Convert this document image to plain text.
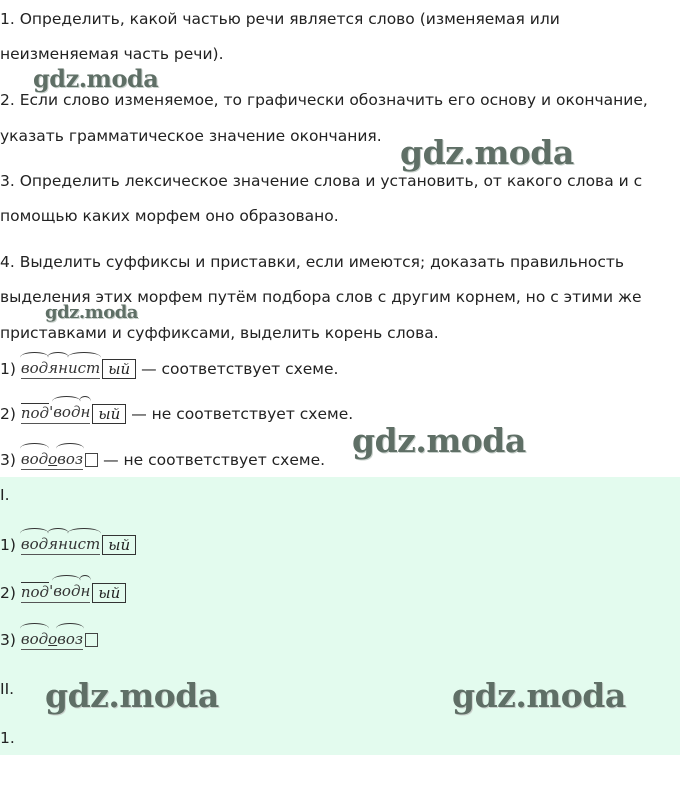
1. Определить, какой частью речи является слово (изменяемая или
неизменяемая часть речи).
2. Если слово изменяемое, то графически обозначить его основу и окончание,
указать грамматическое значение окончания.
3. Определить лексическое значение слова и установить, от какого слова и с
помощью каких морфем оно образовано.
4. Выделить суффиксы и приставки, если имеются; доказать правильность
выделения этих морфем путём подбора слов с другим корнем, но с этими же
приставками и суффиксами, выделить корень слова.
1) вод ян ист ый — соответствует схеме.
2) под ' вод н ый — не соответствует схеме.
3) вод о воз — не соответствует схеме.
I.
1) вод ян ист ый
2) под ' вод н ый
3) вод о воз
II.
1.
gdz.moda
gdz.moda
gdz.moda
gdz.moda
gdz.moda	gdz.moda
